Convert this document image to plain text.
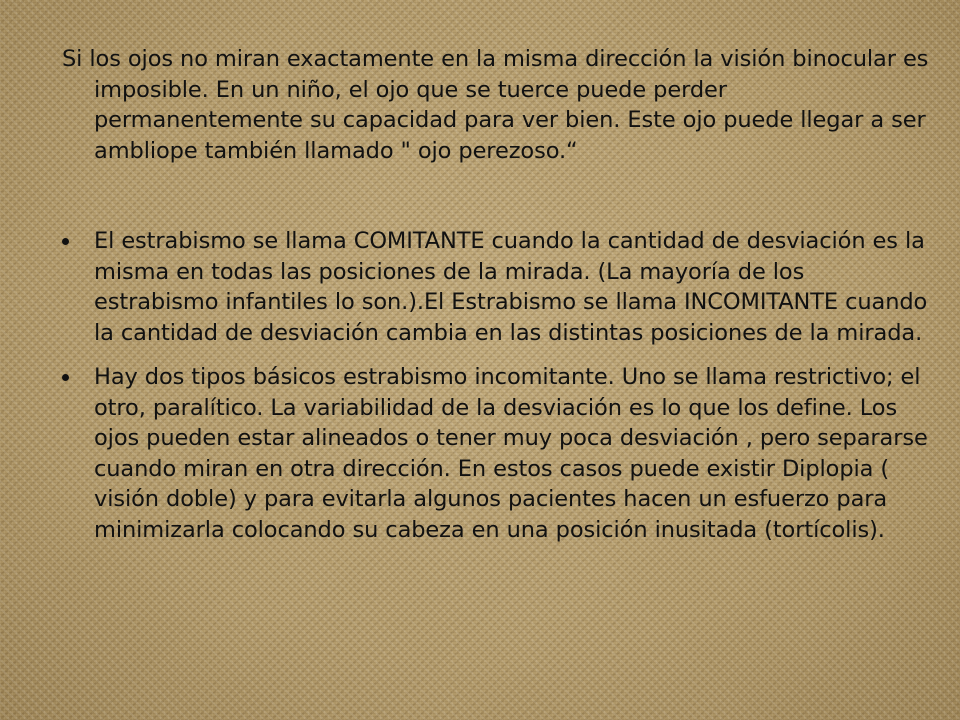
Si los ojos no miran exactamente en la misma dirección la visión binocular es imposible. En un niño, el ojo que se tuerce puede perder permanentemente su capacidad para ver bien. Este ojo puede llegar a ser ambliope también llamado " ojo perezoso.“

El estrabismo se llama COMITANTE cuando la cantidad de desviación es la misma en todas las posiciones de la mirada. (La mayoría de los estrabismo infantiles lo son.).El Estrabismo se llama INCOMITANTE cuando la cantidad de desviación cambia en las distintas posiciones de la mirada.
Hay dos tipos básicos estrabismo incomitante. Uno se llama restrictivo; el otro, paralítico. La variabilidad de la desviación es lo que los define. Los ojos pueden estar alineados o tener muy poca desviación , pero separarse cuando miran en otra dirección. En estos casos puede existir Diplopia ( visión doble) y para evitarla algunos pacientes hacen un esfuerzo para minimizarla colocando su cabeza en una posición inusitada (tortícolis).
